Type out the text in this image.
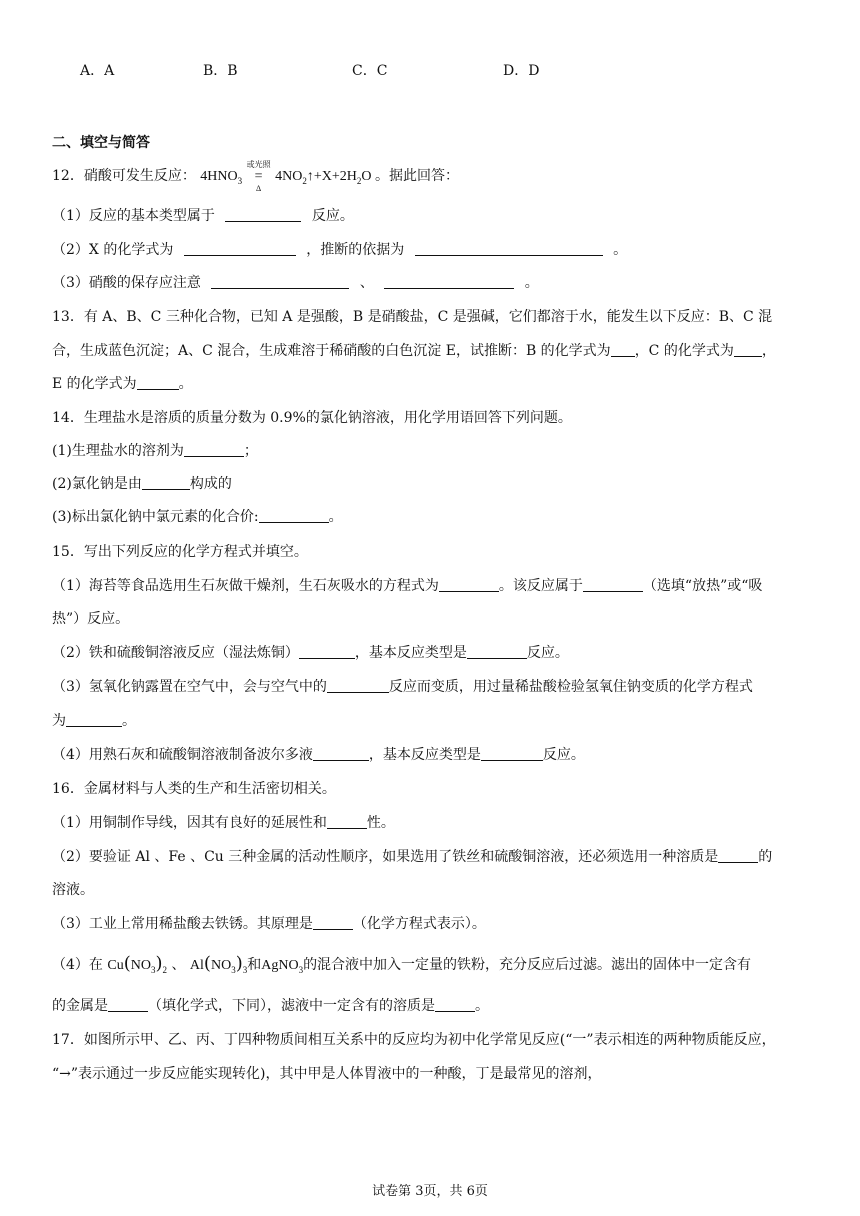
A．A	B．B	C．C	D．D
二、填空与简答
12．硝酸可发生反应： $4HNO_3$
或光照
=
Δ
$4NO_2↑+X+2H_2O$ 。据此回答：
（1）反应的基本类型属于	反应。
（2）X 的化学式为	，推断的依据为	。
（3）硝酸的保存应注意	、	。
13．有 A、B、C 三种化合物，已知 A 是强酸，B 是硝酸盐，C 是强碱，它们都溶于水，能发生以下反应：B、C 混
合，生成蓝色沉淀；A、C 混合，生成难溶于稀硝酸的白色沉淀 E，试推断：B 的化学式为 ，C 的化学式为 ，
E 的化学式为	。
14．生理盐水是溶质的质量分数为 0.9%的氯化钠溶液，用化学用语回答下列问题。
(1)生理盐水的溶剂为	；
(2)氯化钠是由	构成的
(3)标出氯化钠中氯元素的化合价:	。
15．写出下列反应的化学方程式并填空。
（1）海苔等食品选用生石灰做干燥剂，生石灰吸水的方程式为	。该反应属于	（选填“放热”或“吸
热”）反应。
（2）铁和硫酸铜溶液反应（湿法炼铜）	，基本反应类型是	反应。
（3）氢氧化钠露置在空气中，会与空气中的	反应而变质，用过量稀盐酸检验氢氧住钠变质的化学方程式
为	。
（4）用熟石灰和硫酸铜溶液制备波尔多液	，基本反应类型是	反应。
16．金属材料与人类的生产和生活密切相关。
（1）用铜制作导线，因其有良好的延展性和	性。
（2）要验证 Al 、Fe 、Cu 三种金属的活动性顺序，如果选用了铁丝和硫酸铜溶液，还必须选用一种溶质是	的
溶液。
（3）工业上常用稀盐酸去铁锈。其原理是	（化学方程式表示）。
（4）在 $Cu(NO_3)_2$ 、 $Al(NO_3)_3$和AgNO$_3$的混合液中加入一定量的铁粉，充分反应后过滤。滤出的固体中一定含有
的金属是	（填化学式，下同），滤液中一定含有的溶质是	。
17．如图所示甲、乙、丙、丁四种物质间相互关系中的反应均为初中化学常见反应(“一”表示相连的两种物质能反应，
“→”表示通过一步反应能实现转化)，其中甲是人体胃液中的一种酸，丁是最常见的溶剂，
试卷第 3页，共 6页
